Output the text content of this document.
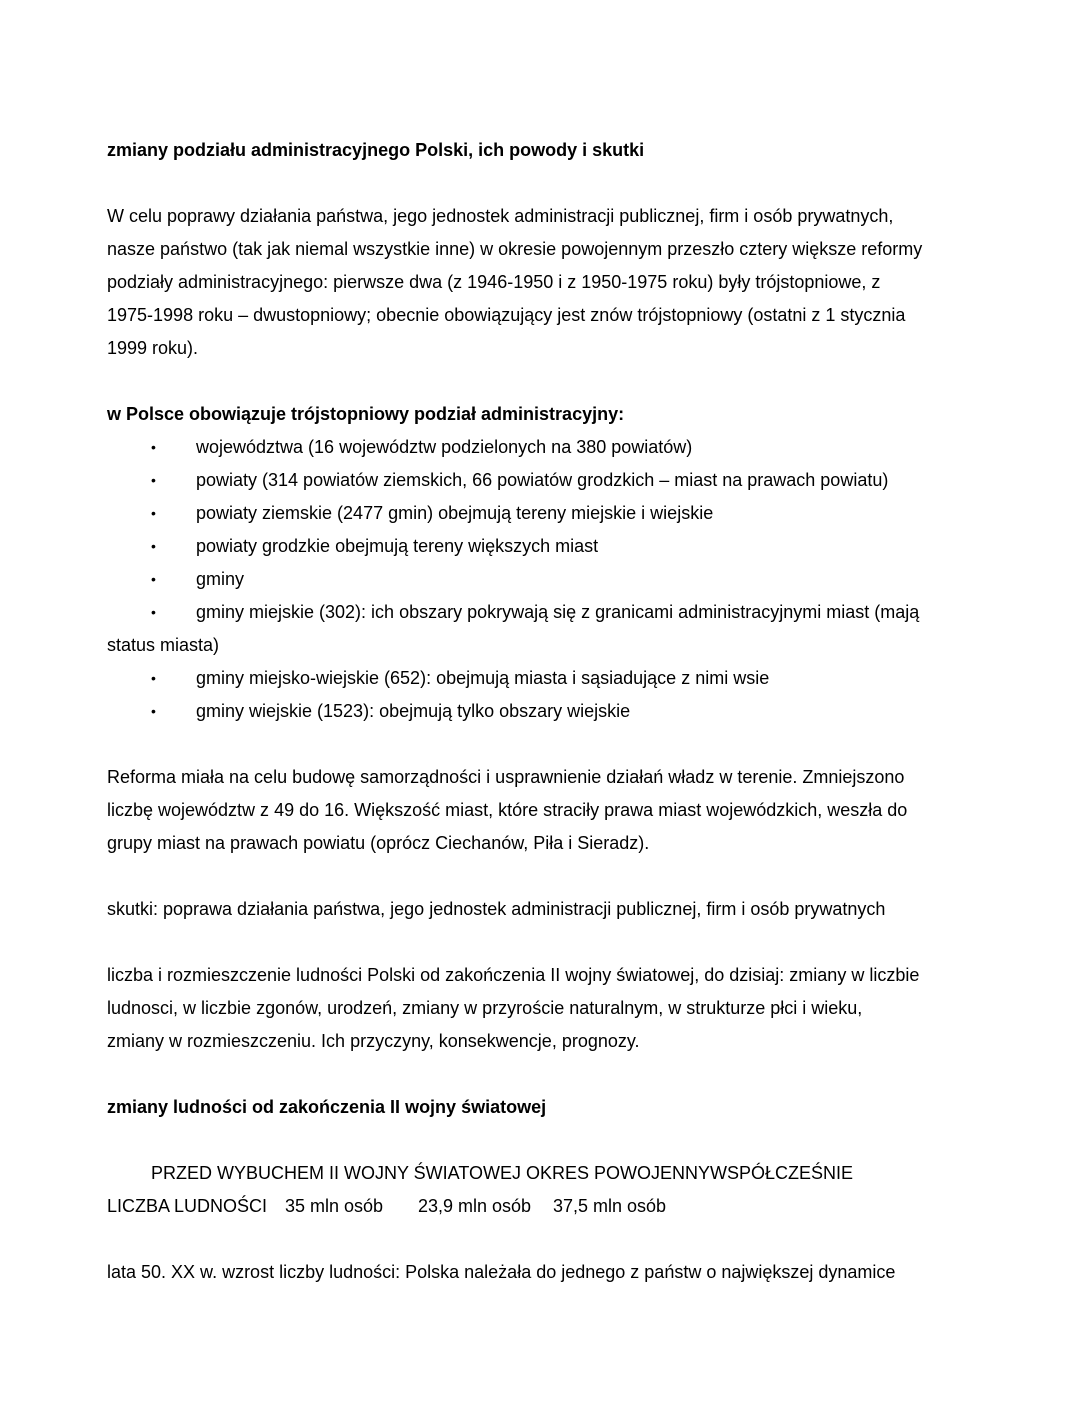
zmiany podziału administracyjnego Polski, ich powody i skutki

W celu poprawy działania państwa, jego jednostek administracji publicznej, firm i osób prywatnych,

nasze państwo (tak jak niemal wszystkie inne) w okresie powojennym przeszło cztery większe reformy

podziały administracyjnego: pierwsze dwa (z 1946-1950 i z 1950-1975 roku) były trójstopniowe, z

1975-1998 roku – dwustopniowy; obecnie obowiązujący jest znów trójstopniowy (ostatni z 1 stycznia

1999 roku).

w Polsce obowiązuje trójstopniowy podział administracyjny:

• województwa (16 województw podzielonych na 380 powiatów)
• powiaty (314 powiatów ziemskich, 66 powiatów grodzkich – miast na prawach powiatu)
• powiaty ziemskie (2477 gmin) obejmują tereny miejskie i wiejskie
• powiaty grodzkie obejmują tereny większych miast
• gminy
• gminy miejskie (302): ich obszary pokrywają się z granicami administracyjnymi miast (mają

status miasta)

• gminy miejsko-wiejskie (652): obejmują miasta i sąsiadujące z nimi wsie
• gminy wiejskie (1523): obejmują tylko obszary wiejskie

Reforma miała na celu budowę samorządności i usprawnienie działań władz w terenie. Zmniejszono

liczbę województw z 49 do 16. Większość miast, które straciły prawa miast wojewódzkich, weszła do

grupy miast na prawach powiatu (oprócz Ciechanów, Piła i Sieradz).

skutki: poprawa działania państwa, jego jednostek administracji publicznej, firm i osób prywatnych

liczba i rozmieszczenie ludności Polski od zakończenia II wojny światowej, do dzisiaj: zmiany w liczbie

ludnosci, w liczbie zgonów, urodzeń, zmiany w przyroście naturalnym, w strukturze płci i wieku,

zmiany w rozmieszczeniu. Ich przyczyny, konsekwencje, prognozy.

zmiany ludności od zakończenia II wojny światowej

PRZED WYBUCHEM II WOJNY ŚWIATOWEJ OKRES POWOJENNYWSPÓŁCZEŚNIE
LICZBA LUDNOŚCI 35 mln osób 23,9 mln osób 37,5 mln osób

lata 50. XX w. wzrost liczby ludności: Polska należała do jednego z państw o największej dynamice
